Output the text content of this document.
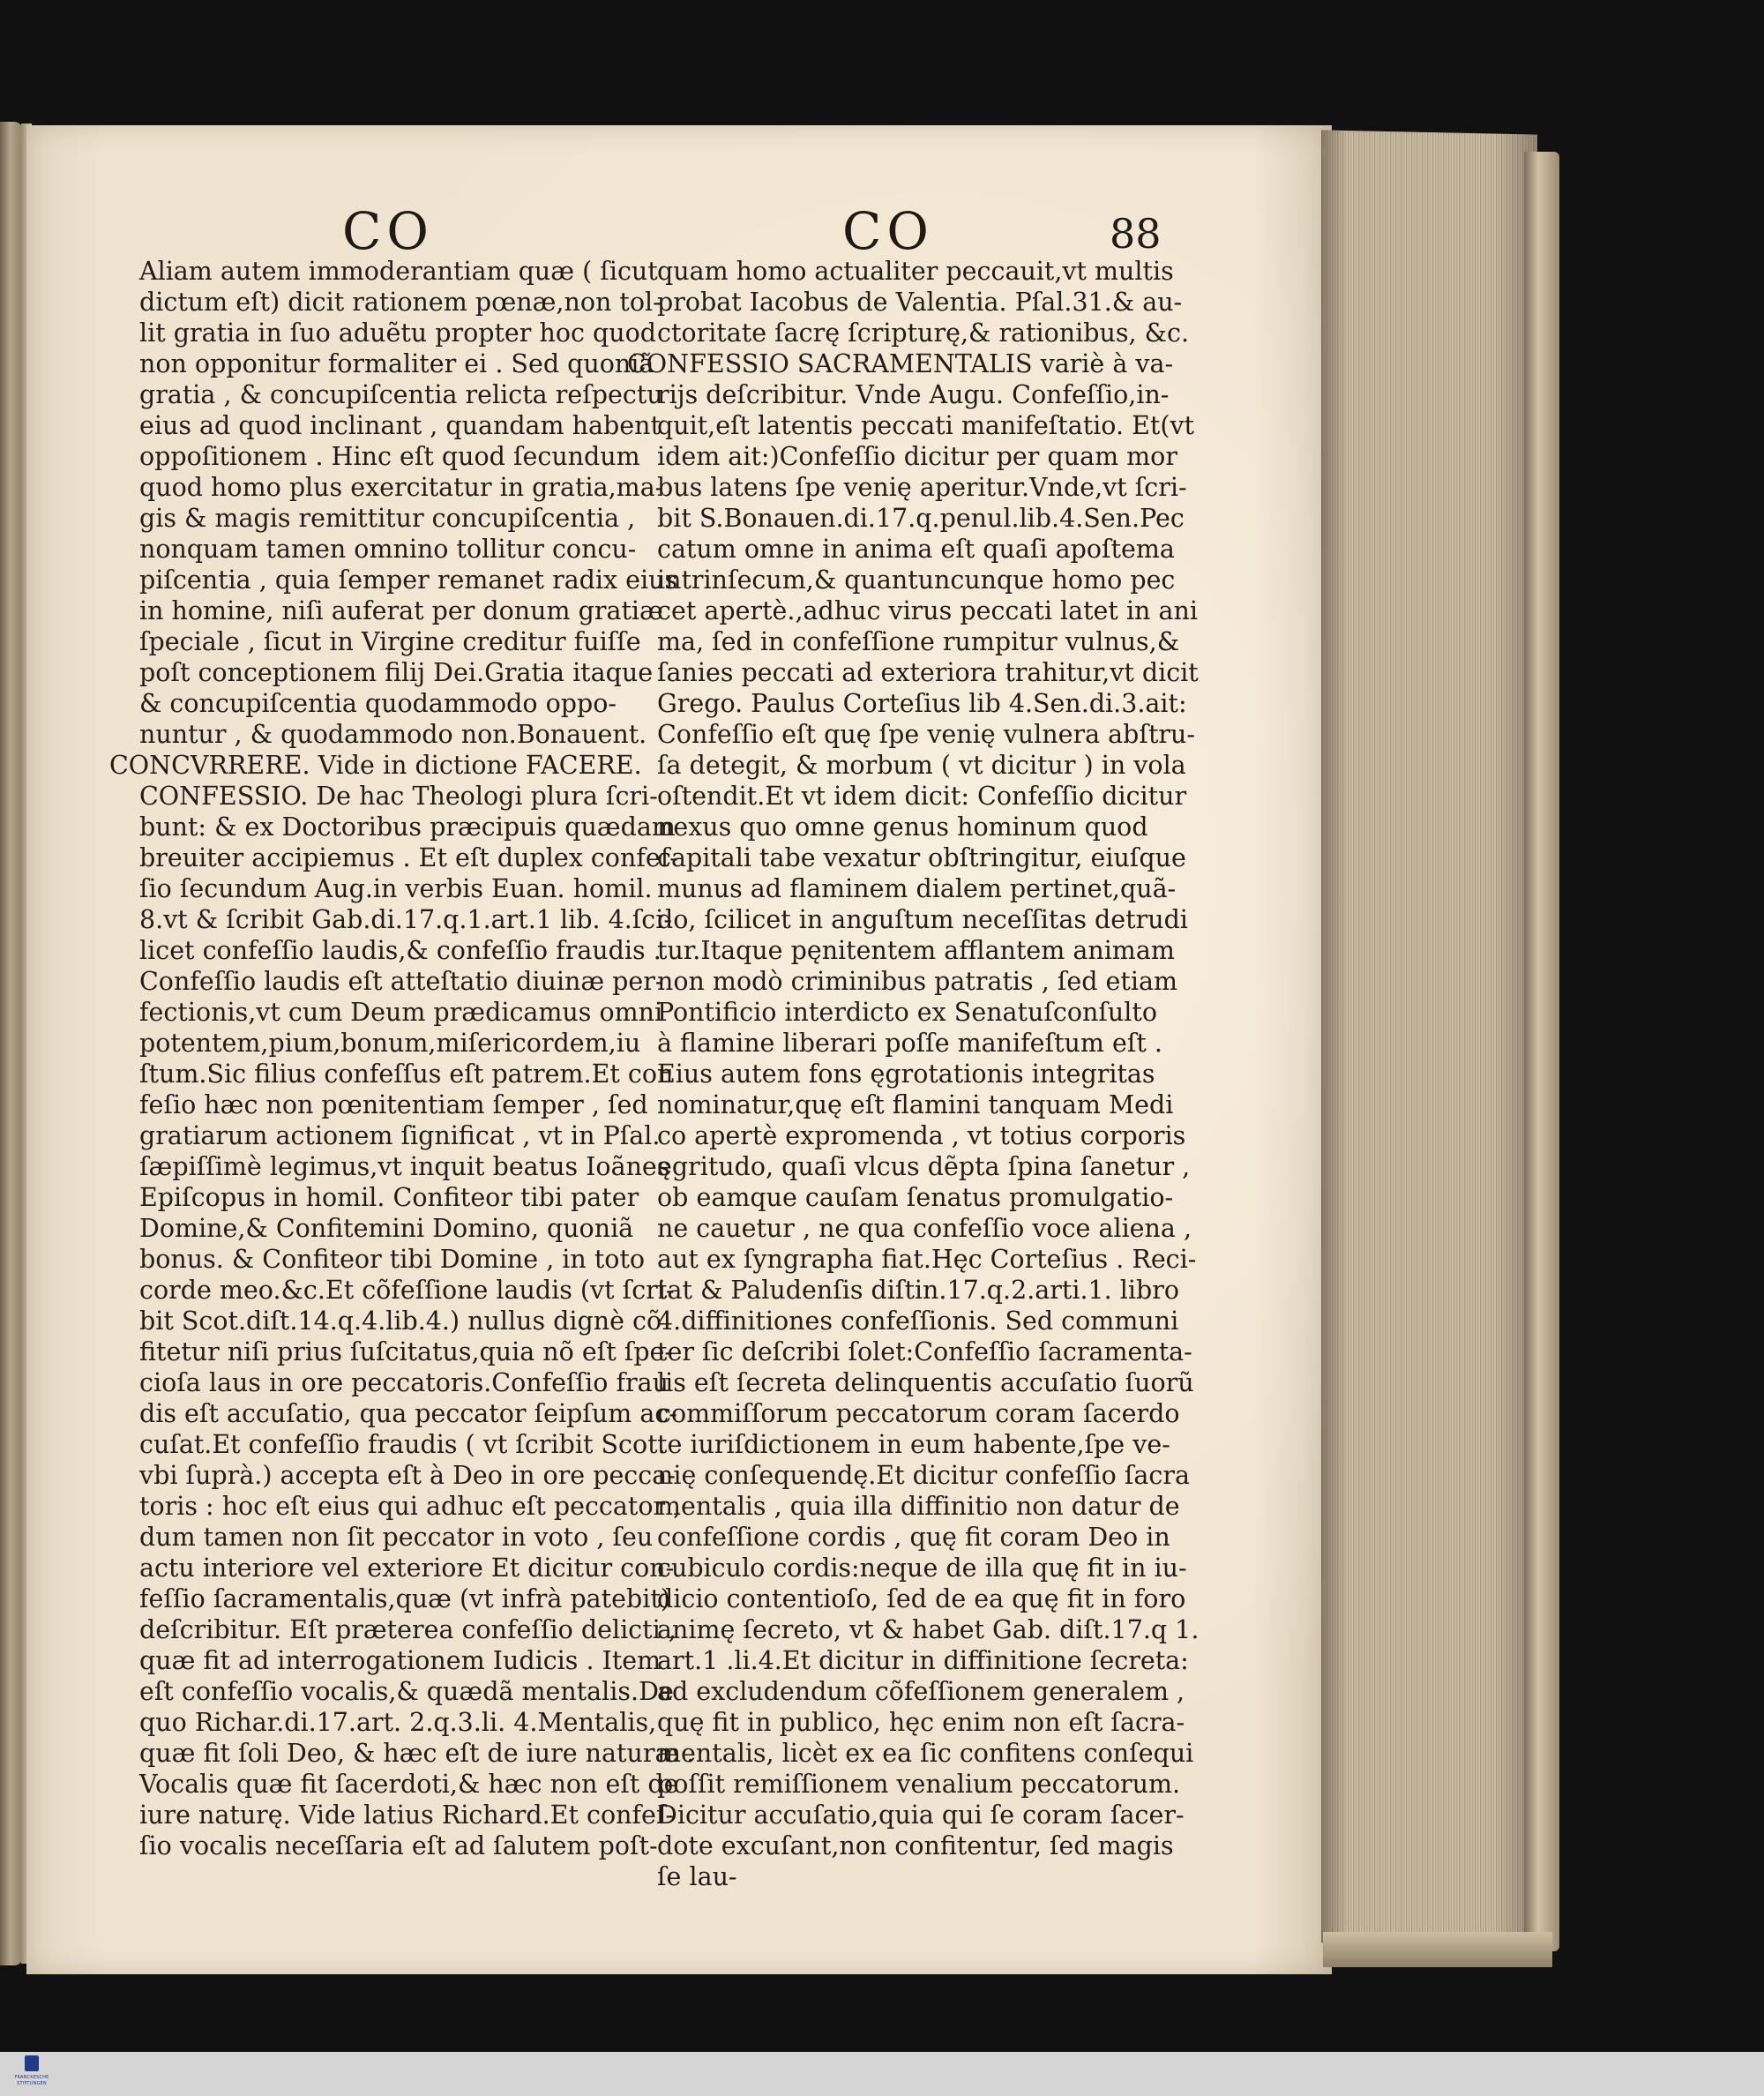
CO	CO	88
Aliam autem immoderantiam quæ ( ſicut
dictum eſt) dicit rationem pœnæ,non tol-
lit gratia in ſuo aduẽtu propter hoc quod
non opponitur formaliter ei . Sed quoniã
gratia , & concupiſcentia relicta reſpectu
eius ad quod inclinant , quandam habent
oppoſitionem . Hinc eſt quod ſecundum
quod homo plus exercitatur in gratia,ma-
gis & magis remittitur concupiſcentia ,
nonquam tamen omnino tollitur concu-
piſcentia , quia ſemper remanet radix eius
in homine, niſi auferat per donum gratiæ
ſpeciale , ſicut in Virgine creditur fuiſſe
poſt conceptionem filij Dei.Gratia itaque
& concupiſcentia quodammodo oppo-
nuntur , & quodammodo non.Bonauent.
CONCVRRERE. Vide in dictione FACERE.
CONFESSIO. De hac Theologi plura ſcri-
bunt: & ex Doctoribus præcipuis quædam
breuiter accipiemus . Et eſt duplex confeſ-
ſio ſecundum Aug.in verbis Euan. homil.
8.vt & ſcribit Gab.di.17.q.1.art.1 lib. 4.ſci-
licet confeſſio laudis,& confeſſio fraudis .
Confeſſio laudis eſt atteſtatio diuinæ per-
fectionis,vt cum Deum prædicamus omni
potentem,pium,bonum,miſericordem,iu
ſtum.Sic filius confeſſus eſt patrem.Et con
feſio hæc non pœnitentiam ſemper , ſed
gratiarum actionem ſignificat , vt in Pſal.
ſæpiſſimè legimus,vt inquit beatus Ioãnes
Epiſcopus in homil. Confiteor tibi pater
Domine,& Confitemini Domino, quoniã
bonus. & Confiteor tibi Domine , in toto
corde meo.&c.Et cõfeſſione laudis (vt ſcri-
bit Scot.diſt.14.q.4.lib.4.) nullus dignè cõ
fitetur niſi prius ſuſcitatus,quia nõ eſt ſpe-
cioſa laus in ore peccatoris.Confeſſio frau
dis eſt accuſatio, qua peccator ſeipſum ac-
cuſat.Et confeſſio fraudis ( vt ſcribit Scot.
vbi ſuprà.) accepta eſt à Deo in ore pecca-
toris : hoc eſt eius qui adhuc eſt peccator ,
dum tamen non ſit peccator in voto , ſeu
actu interiore vel exteriore Et dicitur con-
feſſio ſacramentalis,quæ (vt infrà patebit)
deſcribitur. Eſt præterea confeſſio delicti ,
quæ fit ad interrogationem Iudicis . Item
eſt confeſſio vocalis,& quædã mentalis.De
quo Richar.di.17.art. 2.q.3.li. 4.Mentalis,
quæ fit ſoli Deo, & hæc eſt de iure naturæ .
Vocalis quæ fit ſacerdoti,& hæc non eſt de
iure naturę. Vide latius Richard.Et confeſ-
ſio vocalis neceſſaria eſt ad ſalutem poſt-
quam homo actualiter peccauit,vt multis
probat Iacobus de Valentia. Pſal.31.& au-
ctoritate ſacrę ſcripturę,& rationibus, &c.
CONFESSIO SACRAMENTALIS variè à va-
rijs deſcribitur. Vnde Augu. Confeſſio,in-
quit,eſt latentis peccati manifeſtatio. Et(vt
idem ait:)Confeſſio dicitur per quam mor
bus latens ſpe venię aperitur.Vnde,vt ſcri-
bit S.Bonauen.di.17.q.penul.lib.4.Sen.Pec
catum omne in anima eſt quaſi apoſtema
intrinſecum,& quantuncunque homo pec
cet apertè.,adhuc virus peccati latet in ani
ma, ſed in confeſſione rumpitur vulnus,&
ſanies peccati ad exteriora trahitur,vt dicit
Grego. Paulus Corteſius lib 4.Sen.di.3.ait:
Confeſſio eſt quę ſpe venię vulnera abſtru-
ſa detegit, & morbum ( vt dicitur ) in vola
oſtendit.Et vt idem dicit: Confeſſio dicitur
nexus quo omne genus hominum quod
capitali tabe vexatur obſtringitur, eiuſque
munus ad flaminem dialem pertinet,quã-
do, ſcilicet in anguſtum neceſſitas detrudi
tur.Itaque pęnitentem afflantem animam
non modò criminibus patratis , ſed etiam
Pontificio interdicto ex Senatuſconſulto
à flamine liberari poſſe manifeſtum eſt .
Eius autem fons ęgrotationis integritas
nominatur,quę eſt flamini tanquam Medi
co apertè expromenda , vt totius corporis
ęgritudo, quaſi vlcus dẽpta ſpina ſanetur ,
ob eamque cauſam ſenatus promulgatio-
ne cauetur , ne qua confeſſio voce aliena ,
aut ex ſyngrapha fiat.Hęc Corteſius . Reci-
tat & Paludenſis diſtin.17.q.2.arti.1. libro
4.diffinitiones confeſſionis. Sed communi
ter ſic deſcribi ſolet:Confeſſio ſacramenta-
lis eſt ſecreta delinquentis accuſatio ſuorũ
commiſſorum peccatorum coram ſacerdo
te iuriſdictionem in eum habente,ſpe ve-
nię conſequendę.Et dicitur confeſſio ſacra
mentalis , quia illa diffinitio non datur de
confeſſione cordis , quę fit coram Deo in
cubiculo cordis:neque de illa quę fit in iu-
dicio contentioſo, ſed de ea quę fit in foro
animę ſecreto, vt & habet Gab. diſt.17.q 1.
art.1 .li.4.Et dicitur in diffinitione ſecreta:
ad excludendum cõfeſſionem generalem ,
quę fit in publico, hęc enim non eſt ſacra-
mentalis, licèt ex ea ſic confitens conſequi
poſſit remiſſionem venalium peccatorum.
Dicitur accuſatio,quia qui ſe coram ſacer-
dote excuſant,non confitentur, ſed magis
ſe lau-
FRANCKESCHE
STIFTUNGEN
